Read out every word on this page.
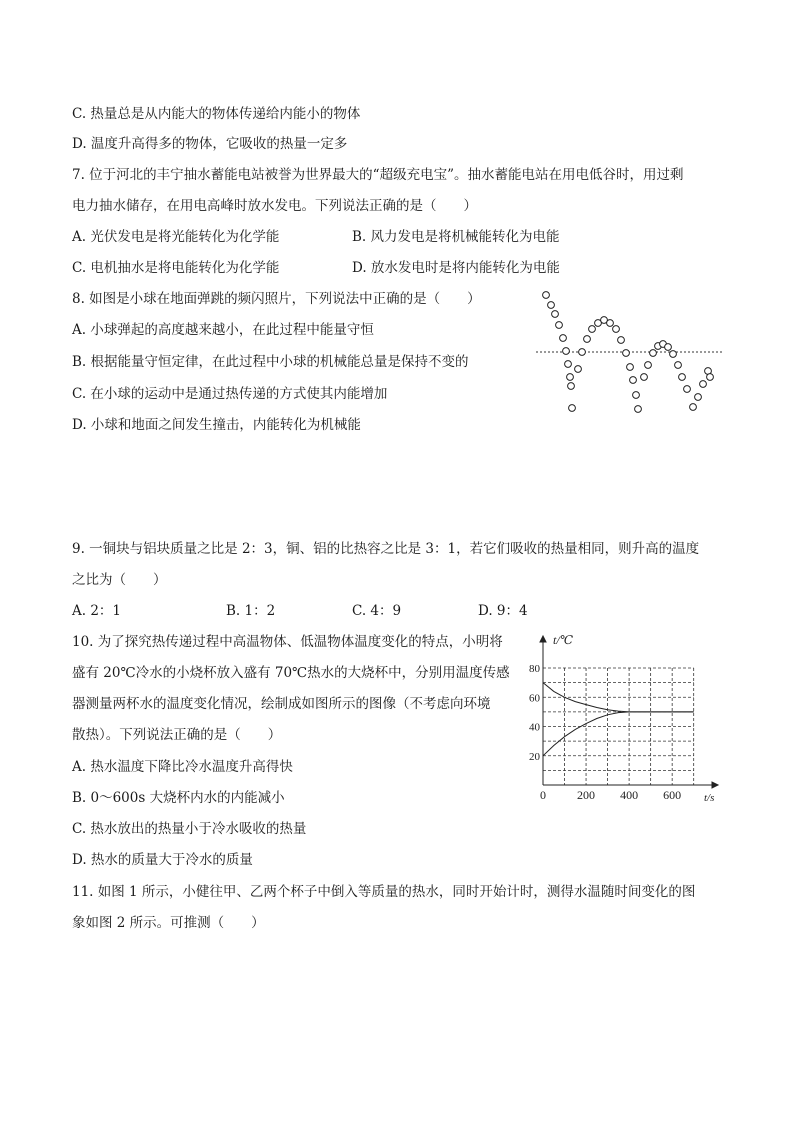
C. 热量总是从内能大的物体传递给内能小的物体
D. 温度升高得多的物体，它吸收的热量一定多
7. 位于河北的丰宁抽水蓄能电站被誉为世界最大的“超级充电宝”。抽水蓄能电站在用电低谷时，用过剩
电力抽水储存，在用电高峰时放水发电。下列说法正确的是（　　）
A. 光伏发电是将光能转化为化学能	B. 风力发电是将机械能转化为电能
C. 电机抽水是将电能转化为化学能	D. 放水发电时是将内能转化为电能
8. 如图是小球在地面弹跳的频闪照片，下列说法中正确的是（　　）
A. 小球弹起的高度越来越小，在此过程中能量守恒
B. 根据能量守恒定律，在此过程中小球的机械能总量是保持不变的
C. 在小球的运动中是通过热传递的方式使其内能增加
D. 小球和地面之间发生撞击，内能转化为机械能
9. 一铜块与铝块质量之比是 2：3，铜、铝的比热容之比是 3：1，若它们吸收的热量相同，则升高的温度
之比为（　　）
A. 2：1	B. 1：2	C. 4：9	D. 9：4
10. 为了探究热传递过程中高温物体、低温物体温度变化的特点，小明将
盛有 20℃冷水的小烧杯放入盛有 70℃热水的大烧杯中，分别用温度传感
器测量两杯水的温度变化情况，绘制成如图所示的图像（不考虑向环境
散热）。下列说法正确的是（　　）
A. 热水温度下降比冷水温度升高得快
B. 0～600s 大烧杯内水的内能减小
C. 热水放出的热量小于冷水吸收的热量
D. 热水的质量大于冷水的质量
0	200 400 600
20
40
60
80
t/℃
t/s
11. 如图 1 所示，小健往甲、乙两个杯子中倒入等质量的热水，同时开始计时，测得水温随时间变化的图
象如图 2 所示。可推测（　　）
